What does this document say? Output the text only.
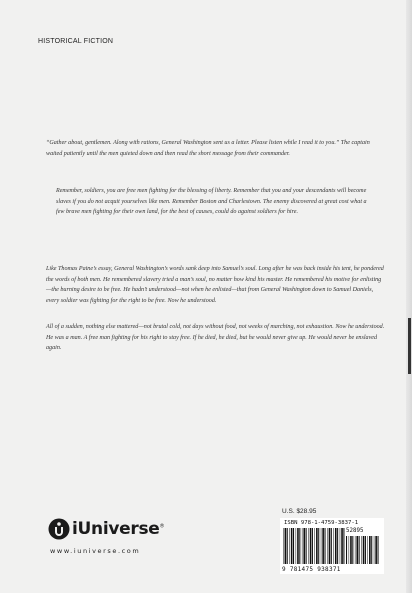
HISTORICAL FICTION

“Gather about, gentlemen. Along with rations, General Washington sent us a letter. Please listen while I read it to you.” The captain waited patiently until the men quieted down and then read the short message from their commander.

Remember, soldiers, you are free men fighting for the blessing of liberty. Remember that you and your descendants will become slaves if you do not acquit yourselves like men. Remember Boston and Charlestown. The enemy discovered at great cost what a few brave men fighting for their own land, for the best of causes, could do against soldiers for hire.

Like Thomas Paine’s essay, General Washington’s words sank deep into Samuel’s soul. Long after he was back inside his tent, he pondered the words of both men. He remembered slavery tried a man’s soul, no matter how kind his master. He remembered his motive for enlisting—the burning desire to be free. He hadn’t understood—not when he enlisted—that from General Washington down to Samuel Daniels, every soldier was fighting for the right to be free. Now he understood.

All of a sudden, nothing else mattered—not brutal cold, not days without food, not weeks of marching, not exhaustion. Now he understood. He was a man. A free man fighting for his right to stay free. If he died, he died, but he would never give up. He would never be enslaved again.

iUniverse®
www.iuniverse.com
U.S. $28.95
ISBN 978-1-4759-3837-1
52895
9 781475 938371
